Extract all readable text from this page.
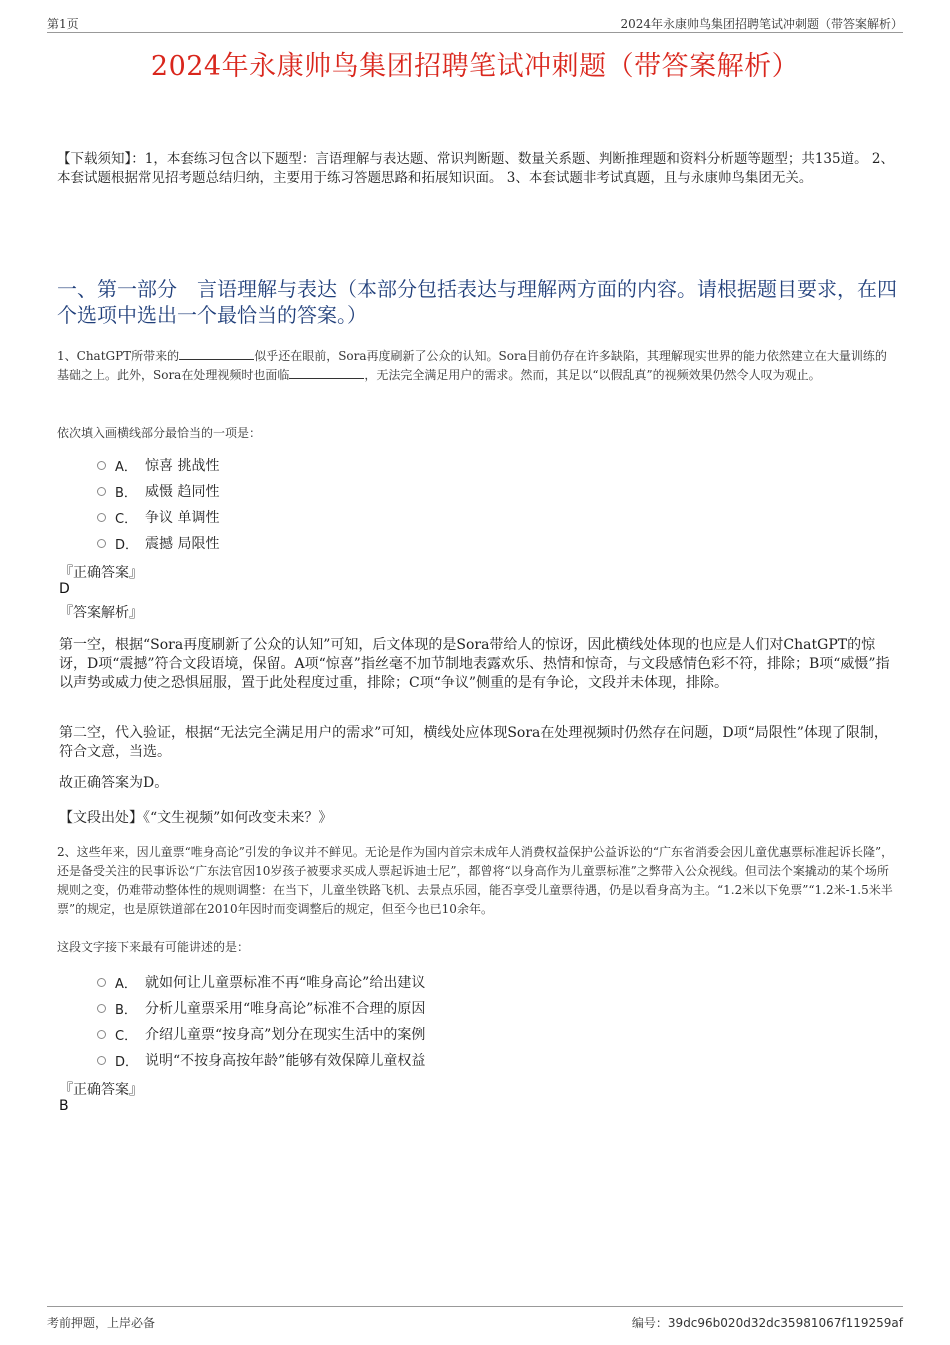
第1页	2024年永康帅鸟集团招聘笔试冲刺题（带答案解析）
2024年永康帅鸟集团招聘笔试冲刺题（带答案解析）
【下载须知】：1，本套练习包含以下题型：言语理解与表达题、常识判断题、数量关系题、判断推理题和资料分析题等题型；共135道。 2、本套试题根据常见招考题总结归纳，主要用于练习答题思路和拓展知识面。 3、本套试题非考试真题，且与永康帅鸟集团无关。
一、第一部分　言语理解与表达（本部分包括表达与理解两方面的内容。请根据题目要求，在四个选项中选出一个最恰当的答案。）
1、ChatGPT所带来的	似乎还在眼前，Sora再度刷新了公众的认知。Sora目前仍存在许多缺陷，其理解现实世界的能力依然建立在大量训练的基础之上。此外，Sora在处理视频时也面临	，无法完全满足用户的需求。然而，其足以“以假乱真”的视频效果仍然令人叹为观止。
依次填入画横线部分最恰当的一项是：
A． 惊喜 挑战性
B． 威慑 趋同性
C． 争议 单调性
D． 震撼 局限性
『正确答案』
D
『答案解析』
第一空，根据“Sora再度刷新了公众的认知”可知，后文体现的是Sora带给人的惊讶，因此横线处体现的也应是人们对ChatGPT的惊讶，D项“震撼”符合文段语境，保留。A项“惊喜”指丝毫不加节制地表露欢乐、热情和惊奇，与文段感情色彩不符，排除；B项“威慑”指以声势或威力使之恐惧屈服，置于此处程度过重，排除；C项“争议”侧重的是有争论，文段并未体现，排除。
第二空，代入验证，根据“无法完全满足用户的需求”可知，横线处应体现Sora在处理视频时仍然存在问题，D项“局限性”体现了限制，符合文意，当选。
故正确答案为D。
【文段出处】《“文生视频”如何改变未来？》
2、这些年来，因儿童票“唯身高论”引发的争议并不鲜见。无论是作为国内首宗未成年人消费权益保护公益诉讼的“广东省消委会因儿童优惠票标准起诉长隆”，还是备受关注的民事诉讼“广东法官因10岁孩子被要求买成人票起诉迪士尼”，都曾将“以身高作为儿童票标准”之弊带入公众视线。但司法个案撬动的某个场所规则之变，仍难带动整体性的规则调整：在当下，儿童坐铁路飞机、去景点乐园，能否享受儿童票待遇，仍是以看身高为主。“1.2米以下免票”“1.2米-1.5米半票”的规定，也是原铁道部在2010年因时而变调整后的规定，但至今也已10余年。
这段文字接下来最有可能讲述的是：
A． 就如何让儿童票标准不再“唯身高论”给出建议
B． 分析儿童票采用“唯身高论”标准不合理的原因
C． 介绍儿童票“按身高”划分在现实生活中的案例
D． 说明“不按身高按年龄”能够有效保障儿童权益
『正确答案』
B
考前押题，上岸必备	编号：39dc96b020d32dc35981067f119259af
